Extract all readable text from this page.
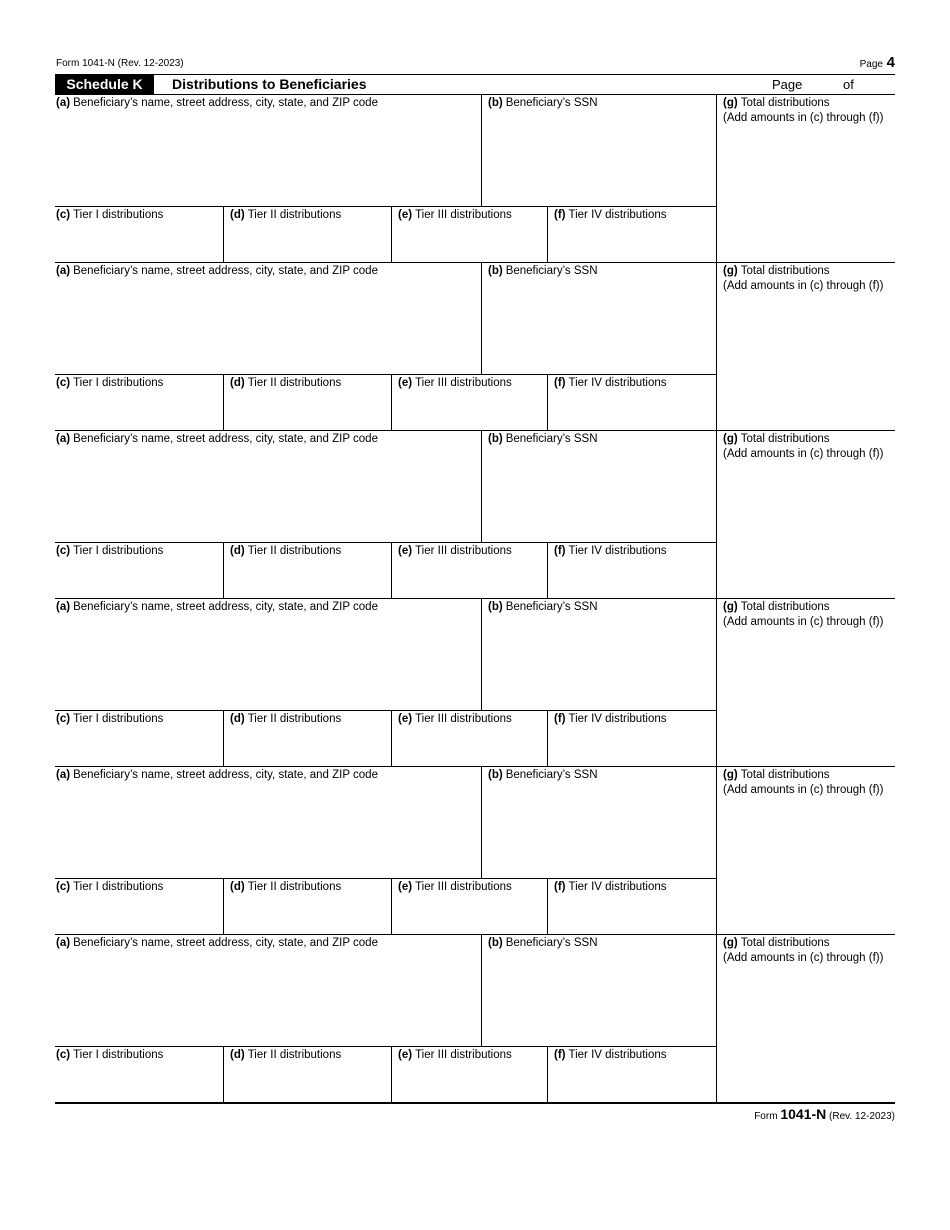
Form 1041-N (Rev. 12-2023)	Page 4
Schedule K	Distributions to Beneficiaries	Page	of
(a) Beneficiary’s name, street address, city, state, and ZIP code	(b) Beneficiary’s SSN	(g) Total distributions
(Add amounts in (c) through (f))
(c) Tier I distributions	(d) Tier II distributions	(e) Tier III distributions	(f) Tier IV distributions
(a) Beneficiary’s name, street address, city, state, and ZIP code	(b) Beneficiary’s SSN	(g) Total distributions
(Add amounts in (c) through (f))
(c) Tier I distributions	(d) Tier II distributions	(e) Tier III distributions	(f) Tier IV distributions
(a) Beneficiary’s name, street address, city, state, and ZIP code	(b) Beneficiary’s SSN	(g) Total distributions
(Add amounts in (c) through (f))
(c) Tier I distributions	(d) Tier II distributions	(e) Tier III distributions	(f) Tier IV distributions
(a) Beneficiary’s name, street address, city, state, and ZIP code	(b) Beneficiary’s SSN	(g) Total distributions
(Add amounts in (c) through (f))
(c) Tier I distributions	(d) Tier II distributions	(e) Tier III distributions	(f) Tier IV distributions
(a) Beneficiary’s name, street address, city, state, and ZIP code	(b) Beneficiary’s SSN	(g) Total distributions
(Add amounts in (c) through (f))
(c) Tier I distributions	(d) Tier II distributions	(e) Tier III distributions	(f) Tier IV distributions
(a) Beneficiary’s name, street address, city, state, and ZIP code	(b) Beneficiary’s SSN	(g) Total distributions
(Add amounts in (c) through (f))
(c) Tier I distributions	(d) Tier II distributions	(e) Tier III distributions	(f) Tier IV distributions
Form 1041-N (Rev. 12-2023)
